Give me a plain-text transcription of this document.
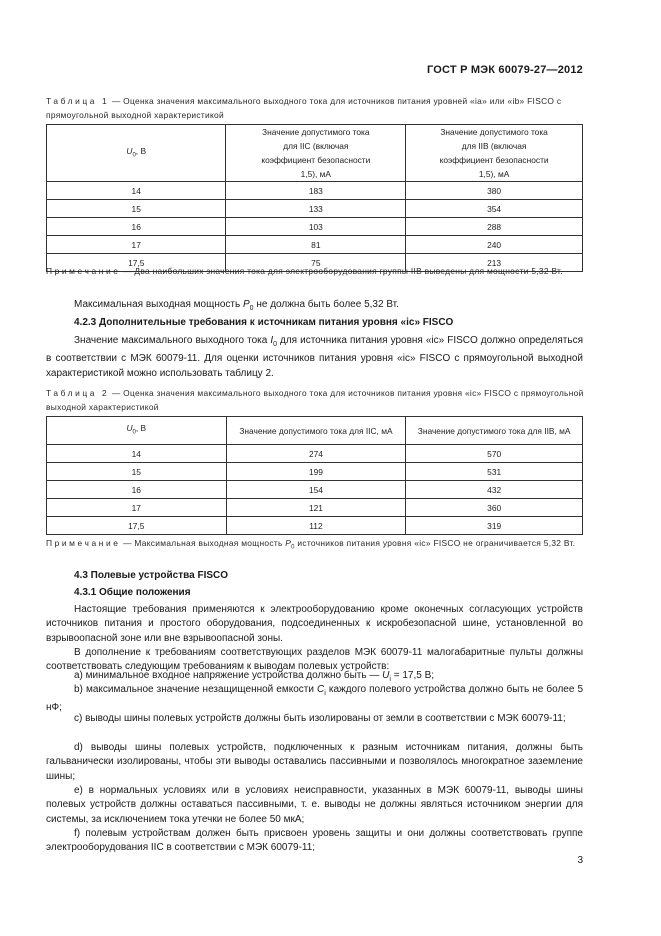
ГОСТ Р МЭК 60079-27—2012
Таблица 1 — Оценка значения максимального выходного тока для источников питания уровней «ia» или «ib» FISCO с прямоугольной выходной характеристикой
$U_0$, В	Значение допустимого тока для IIC (включая коэффициент безопасности 1,5), мА	Значение допустимого тока для IIB (включая коэффициент безопасности 1,5), мА
14	183	380
15	133	354
16	103	288
17	81	240
17,5	75	213
Примечание — Два наибольших значения тока для электрооборудования группы IIB выведены для мощности 5,32 Вт.
Максимальная выходная мощность $P_0$ не должна быть более 5,32 Вт.
4.2.3 Дополнительные требования к источникам питания уровня «ic» FISCO
Значение максимального выходного тока $I_0$ для источника питания уровня «ic» FISCO должно определяться в соответствии с МЭК 60079-11. Для оценки источников питания уровня «ic» FISCO с прямоугольной выходной характеристикой можно использовать таблицу 2.
Таблица 2 — Оценка значения максимального выходного тока для источников питания уровня «ic» FISCO с прямоугольной выходной характеристикой
$U_0$, В	Значение допустимого тока для IIC, мА	Значение допустимого тока для IIB, мА
14	274	570
15	199	531
16	154	432
17	121	360
17,5	112	319
Примечание — Максимальная выходная мощность $P_0$ источников питания уровня «ic» FISCO не ограничивается 5,32 Вт.
4.3 Полевые устройства FISCO
4.3.1 Общие положения
Настоящие требования применяются к электрооборудованию кроме оконечных согласующих устройств источников питания и простого оборудования, подсоединенных к искробезопасной шине, установленной во взрывоопасной зоне или вне взрывоопасной зоны.
В дополнение к требованиям соответствующих разделов МЭК 60079-11 малогабаритные пульты должны соответствовать следующим требованиям к выводам полевых устройств:
а) минимальное входное напряжение устройства должно быть — $U_i = 17,5$ В;
b) максимальное значение незащищенной емкости $C_i$ каждого полевого устройства должно быть не более 5 нФ;
с) выводы шины полевых устройств должны быть изолированы от земли в соответствии с МЭК 60079-11;
d) выводы шины полевых устройств, подключенных к разным источникам питания, должны быть гальванически изолированы, чтобы эти выводы оставались пассивными и позволялось многократное заземление шины;
е) в нормальных условиях или в условиях неисправности, указанных в МЭК 60079-11, выводы шины полевых устройств должны оставаться пассивными, т. е. выводы не должны являться источником энергии для системы, за исключением тока утечки не более 50 мкА;
f) полевым устройствам должен быть присвоен уровень защиты и они должны соответствовать группе электрооборудования IIC в соответствии с МЭК 60079-11;
3
